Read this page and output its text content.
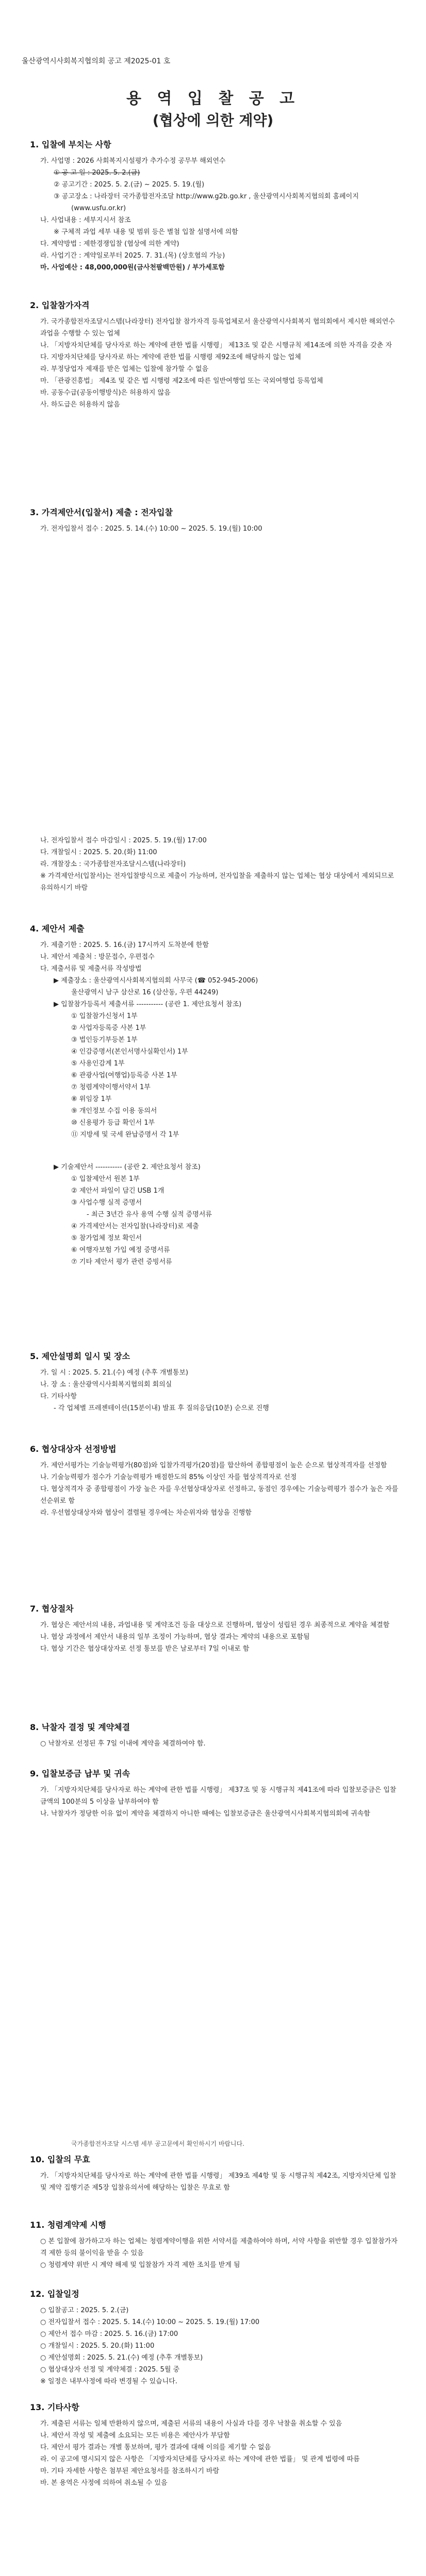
울산광역시사회복지협의회 공고 제2025-01 호
용 역 입 찰 공 고
(협상에 의한 계약)
1. 입찰에 부치는 사항

가. 사업명 : 2026 사회복지시설평가 추가수정 공무부 해외연수

① 공 고 일 : 2025. 5. 2.(금)

② 공고기간 : 2025. 5. 2.(금) ~ 2025. 5. 19.(월)

③ 공고장소 : 나라장터 국가종합전자조달 http://www.g2b.go.kr , 울산광역시사회복지협의회 홈페이지

(www.usfu.or.kr)

나. 사업내용 : 세부지시서 참조

※ 구체적 과업 세부 내용 및 범위 등은 별첨 입찰 설명서에 의함

다. 계약방법 : 제한경쟁입찰 (협상에 의한 계약)

라. 사업기간 : 계약일로부터 2025. 7. 31.(목) (상호협의 가능)

마. 사업예산 : 48,000,000원(금사천팔백만원) / 부가세포함

2. 입찰참가자격

가. 국가종합전자조달시스템(나라장터) 전자입찰 참가자격 등록업체로서 울산광역시사회복지 협의회에서 제시한 해외연수 과업을 수행할 수 있는 업체

나. 「지방자치단체를 당사자로 하는 계약에 관한 법률 시행령」 제13조 및 같은 시행규칙 제14조에 의한 자격을 갖춘 자

다. 지방자치단체를 당사자로 하는 계약에 관한 법률 시행령 제92조에 해당하지 않는 업체

라. 부정당업자 제재를 받은 업체는 입찰에 참가할 수 없음

마. 「관광진흥법」 제4조 및 같은 법 시행령 제2조에 따른 일반여행업 또는 국외여행업 등록업체

바. 공동수급(공동이행방식)은 허용하지 않음

사. 하도급은 허용하지 않음

3. 가격제안서(입찰서) 제출 : 전자입찰

가. 전자입찰서 접수 : 2025. 5. 14.(수) 10:00 ~ 2025. 5. 19.(월) 10:00

나. 전자입찰서 접수 마감일시 : 2025. 5. 19.(월) 17:00

다. 개찰일시 : 2025. 5. 20.(화) 11:00

라. 개찰장소 : 국가종합전자조달시스템(나라장터)

※ 가격제안서(입찰서)는 전자입찰방식으로 제출이 가능하며, 전자입찰을 제출하지 않는 업체는 협상 대상에서 제외되므로 유의하시기 바람

4. 제안서 제출

가. 제출기한 : 2025. 5. 16.(금) 17시까지 도착분에 한함

나. 제안서 제출처 : 방문접수, 우편접수

다. 제출서류 및 제출서류 작성방법

▶ 제출장소 : 울산광역시사회복지협의회 사무국 (☎ 052-945-2006)

울산광역시 남구 삼산로 16 (삼산동, 우편 44249)

▶ 입찰참가등록서 제출서류 ----------- (공란 1. 제안요청서 참조)

① 입찰참가신청서 1부

② 사업자등록증 사본 1부

③ 법인등기부등본 1부

④ 인감증명서(본인서명사실확인서) 1부

⑤ 사용인감계 1부

⑥ 관광사업(여행업)등록증 사본 1부

⑦ 청렴계약이행서약서 1부

⑧ 위임장 1부

⑨ 개인정보 수집 이용 동의서

⑩ 신용평가 등급 확인서 1부

⑪ 지방세 및 국세 완납증명서 각 1부

▶ 기술제안서 ----------- (공란 2. 제안요청서 참조)

① 입찰제안서 원본 1부

② 제안서 파일이 담긴 USB 1개

③ 사업수행 실적 증명서

- 최근 3년간 유사 용역 수행 실적 증명서류

④ 가격제안서는 전자입찰(나라장터)로 제출

⑤ 참가업체 정보 확인서

⑥ 여행자보험 가입 예정 증명서류

⑦ 기타 제안서 평가 관련 증빙서류

5. 제안설명회 일시 및 장소

가. 일 시 : 2025. 5. 21.(수) 예정 (추후 개별통보)

나. 장 소 : 울산광역시사회복지협의회 회의실

다. 기타사항

- 각 업체별 프레젠테이션(15분이내) 발표 후 질의응답(10분) 순으로 진행

6. 협상대상자 선정방법

가. 제안서평가는 기술능력평가(80점)와 입찰가격평가(20점)를 합산하여 종합평점이 높은 순으로 협상적격자를 선정함

나. 기술능력평가 점수가 기술능력평가 배점한도의 85% 이상인 자를 협상적격자로 선정

다. 협상적격자 중 종합평점이 가장 높은 자를 우선협상대상자로 선정하고, 동점인 경우에는 기술능력평가 점수가 높은 자를 선순위로 함

라. 우선협상대상자와 협상이 결렬될 경우에는 차순위자와 협상을 진행함

7. 협상절차

가. 협상은 제안서의 내용, 과업내용 및 계약조건 등을 대상으로 진행하며, 협상이 성립된 경우 최종적으로 계약을 체결함

나. 협상 과정에서 제안서 내용의 일부 조정이 가능하며, 협상 결과는 계약의 내용으로 포함됨

다. 협상 기간은 협상대상자로 선정 통보를 받은 날로부터 7일 이내로 함

8. 낙찰자 결정 및 계약체결

○ 낙찰자로 선정된 후 7일 이내에 계약을 체결하여야 함.

9. 입찰보증금 납부 및 귀속

가. 「지방자치단체를 당사자로 하는 계약에 관한 법률 시행령」 제37조 및 동 시행규칙 제41조에 따라 입찰보증금은 입찰금액의 100분의 5 이상을 납부하여야 함

나. 낙찰자가 정당한 이유 없이 계약을 체결하지 아니한 때에는 입찰보증금은 울산광역시사회복지협의회에 귀속함

국가종합전자조달 시스템 세부 공고문에서 확인하시기 바랍니다.

10. 입찰의 무효

가. 「지방자치단체를 당사자로 하는 계약에 관한 법률 시행령」 제39조 제4항 및 동 시행규칙 제42조, 지방자치단체 입찰 및 계약 집행기준 제5장 입찰유의서에 해당하는 입찰은 무효로 함

11. 청렴계약제 시행

○ 본 입찰에 참가하고자 하는 업체는 청렴계약이행을 위한 서약서를 제출하여야 하며, 서약 사항을 위반할 경우 입찰참가자격 제한 등의 불이익을 받을 수 있음

○ 청렴계약 위반 시 계약 해제 및 입찰참가 자격 제한 조치를 받게 됨

12. 입찰일정

○ 입찰공고 : 2025. 5. 2.(금)

○ 전자입찰서 접수 : 2025. 5. 14.(수) 10:00 ~ 2025. 5. 19.(월) 17:00

○ 제안서 접수 마감 : 2025. 5. 16.(금) 17:00

○ 개찰일시 : 2025. 5. 20.(화) 11:00

○ 제안설명회 : 2025. 5. 21.(수) 예정 (추후 개별통보)

○ 협상대상자 선정 및 계약체결 : 2025. 5월 중

※ 일정은 내부사정에 따라 변경될 수 있습니다.

13. 기타사항

가. 제출된 서류는 일체 반환하지 않으며, 제출된 서류의 내용이 사실과 다를 경우 낙찰을 취소할 수 있음

나. 제안서 작성 및 제출에 소요되는 모든 비용은 제안사가 부담함

다. 제안서 평가 결과는 개별 통보하며, 평가 결과에 대해 이의를 제기할 수 없음

라. 이 공고에 명시되지 않은 사항은 「지방자치단체를 당사자로 하는 계약에 관한 법률」 및 관계 법령에 따름

마. 기타 자세한 사항은 첨부된 제안요청서를 참조하시기 바람

바. 본 용역은 사정에 의하여 취소될 수 있음
